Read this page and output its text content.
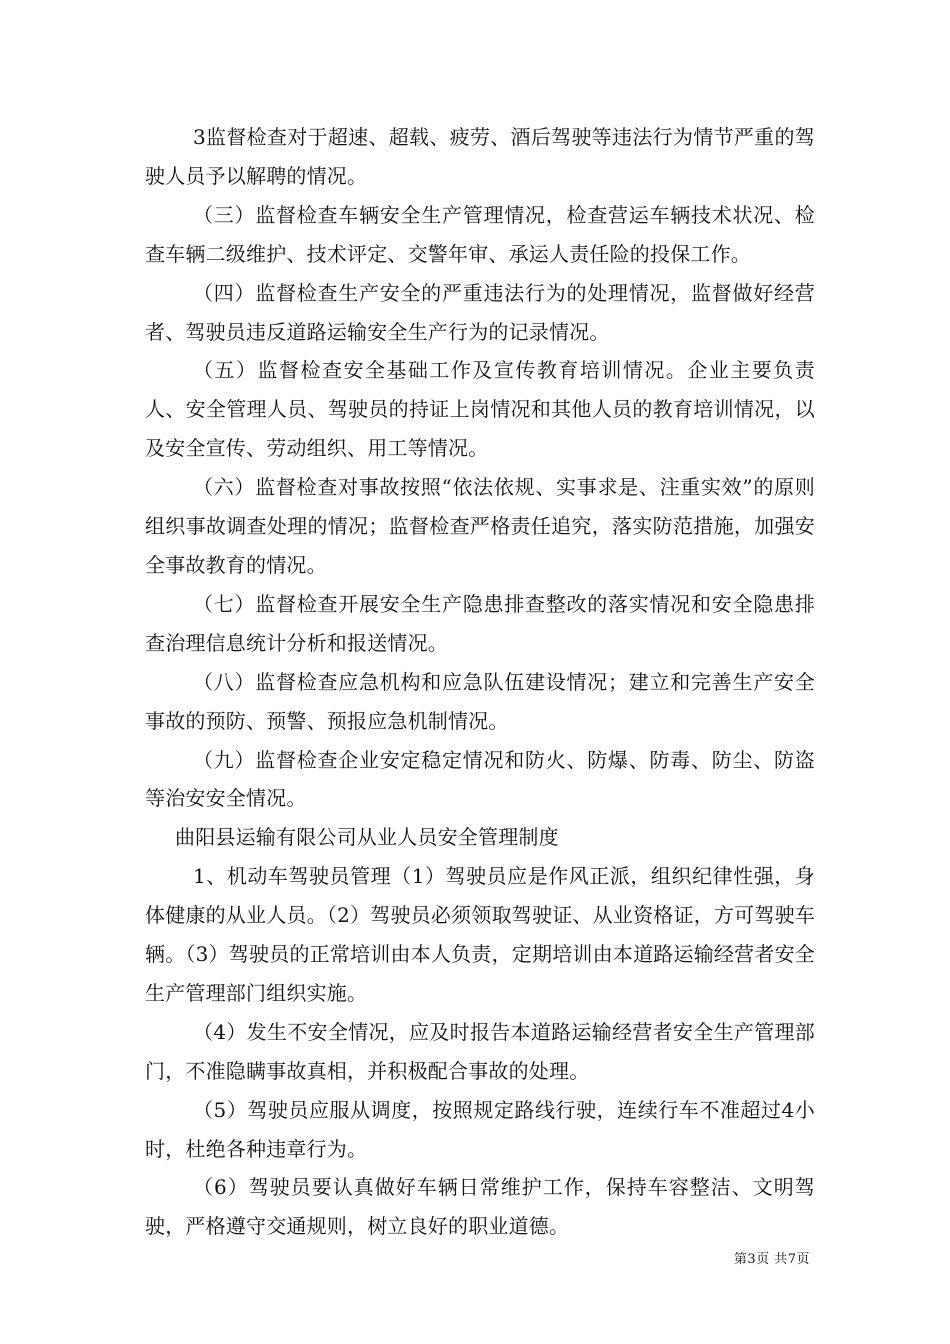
3监督检查对于超速、超载、疲劳、酒后驾驶等违法行为情节严重的驾驶人员予以解聘的情况。

（三）监督检查车辆安全生产管理情况，检查营运车辆技术状况、检查车辆二级维护、技术评定、交警年审、承运人责任险的投保工作。

（四）监督检查生产安全的严重违法行为的处理情况，监督做好经营者、驾驶员违反道路运输安全生产行为的记录情况。

（五）监督检查安全基础工作及宣传教育培训情况。企业主要负责人、安全管理人员、驾驶员的持证上岗情况和其他人员的教育培训情况，以及安全宣传、劳动组织、用工等情况。

（六）监督检查对事故按照“依法依规、实事求是、注重实效”的原则组织事故调查处理的情况；监督检查严格责任追究，落实防范措施，加强安全事故教育的情况。

（七）监督检查开展安全生产隐患排查整改的落实情况和安全隐患排查治理信息统计分析和报送情况。

（八）监督检查应急机构和应急队伍建设情况；建立和完善生产安全事故的预防、预警、预报应急机制情况。

（九）监督检查企业安定稳定情况和防火、防爆、防毒、防尘、防盗等治安安全情况。

曲阳县运输有限公司从业人员安全管理制度

1、机动车驾驶员管理（1）驾驶员应是作风正派，组织纪律性强，身体健康的从业人员。（2）驾驶员必须领取驾驶证、从业资格证，方可驾驶车辆。（3）驾驶员的正常培训由本人负责，定期培训由本道路运输经营者安全生产管理部门组织实施。

（4）发生不安全情况，应及时报告本道路运输经营者安全生产管理部门，不准隐瞒事故真相，并积极配合事故的处理。

（5）驾驶员应服从调度，按照规定路线行驶，连续行车不准超过4小时，杜绝各种违章行为。

（6）驾驶员要认真做好车辆日常维护工作，保持车容整洁、文明驾驶，严格遵守交通规则，树立良好的职业道德。

第3页 共7页
